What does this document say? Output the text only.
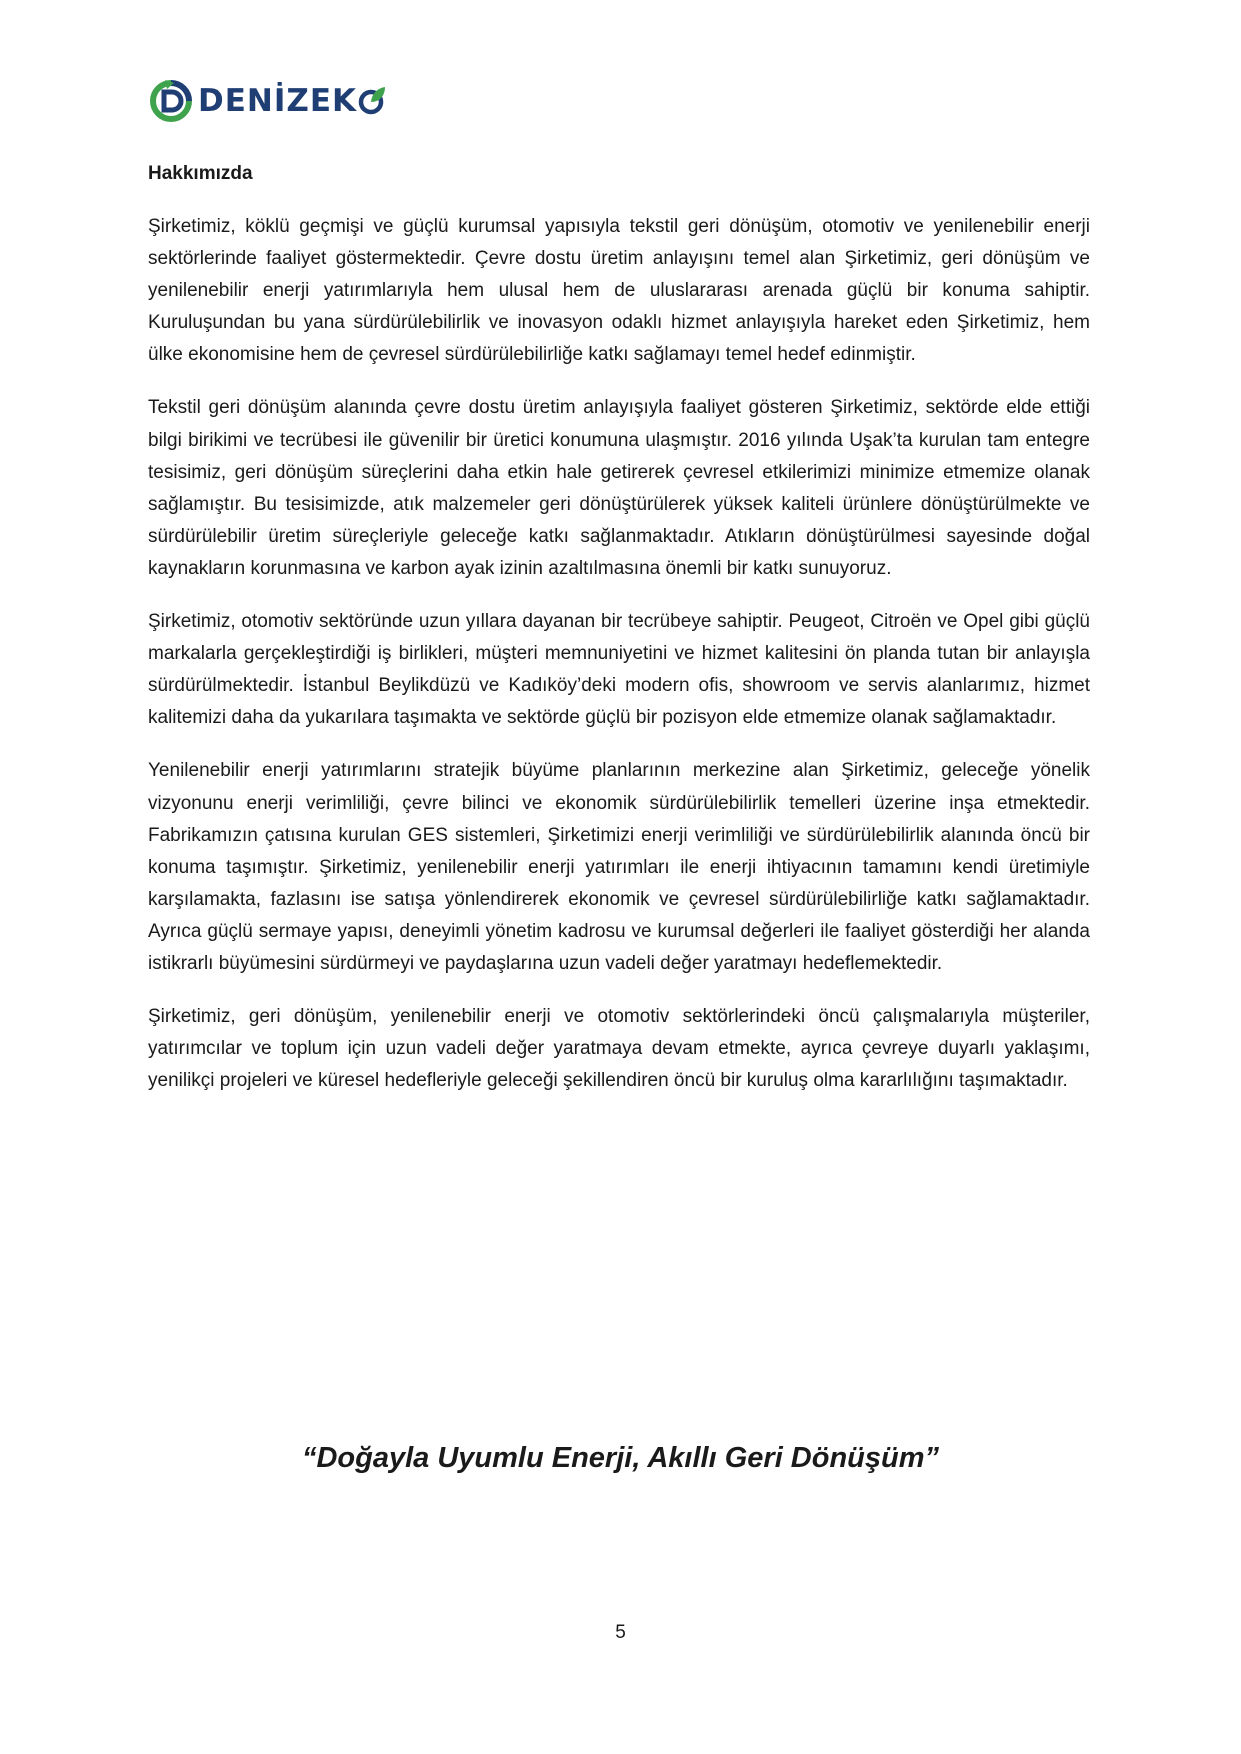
DENİZEK
Hakkımızda

Şirketimiz, köklü geçmişi ve güçlü kurumsal yapısıyla tekstil geri dönüşüm, otomotiv ve yenilenebilir enerji sektörlerinde faaliyet göstermektedir. Çevre dostu üretim anlayışını temel alan Şirketimiz, geri dönüşüm ve yenilenebilir enerji yatırımlarıyla hem ulusal hem de uluslararası arenada güçlü bir konuma sahiptir. Kuruluşundan bu yana sürdürülebilirlik ve inovasyon odaklı hizmet anlayışıyla hareket eden Şirketimiz, hem ülke ekonomisine hem de çevresel sürdürülebilirliğe katkı sağlamayı temel hedef edinmiştir.

Tekstil geri dönüşüm alanında çevre dostu üretim anlayışıyla faaliyet gösteren Şirketimiz, sektörde elde ettiği bilgi birikimi ve tecrübesi ile güvenilir bir üretici konumuna ulaşmıştır. 2016 yılında Uşak’ta kurulan tam entegre tesisimiz, geri dönüşüm süreçlerini daha etkin hale getirerek çevresel etkilerimizi minimize etmemize olanak sağlamıştır. Bu tesisimizde, atık malzemeler geri dönüştürülerek yüksek kaliteli ürünlere dönüştürülmekte ve sürdürülebilir üretim süreçleriyle geleceğe katkı sağlanmaktadır. Atıkların dönüştürülmesi sayesinde doğal kaynakların korunmasına ve karbon ayak izinin azaltılmasına önemli bir katkı sunuyoruz.

Şirketimiz, otomotiv sektöründe uzun yıllara dayanan bir tecrübeye sahiptir. Peugeot, Citroën ve Opel gibi güçlü markalarla gerçekleştirdiği iş birlikleri, müşteri memnuniyetini ve hizmet kalitesini ön planda tutan bir anlayışla sürdürülmektedir. İstanbul Beylikdüzü ve Kadıköy’deki modern ofis, showroom ve servis alanlarımız, hizmet kalitemizi daha da yukarılara taşımakta ve sektörde güçlü bir pozisyon elde etmemize olanak sağlamaktadır.

Yenilenebilir enerji yatırımlarını stratejik büyüme planlarının merkezine alan Şirketimiz, geleceğe yönelik vizyonunu enerji verimliliği, çevre bilinci ve ekonomik sürdürülebilirlik temelleri üzerine inşa etmektedir. Fabrikamızın çatısına kurulan GES sistemleri, Şirketimizi enerji verimliliği ve sürdürülebilirlik alanında öncü bir konuma taşımıştır. Şirketimiz, yenilenebilir enerji yatırımları ile enerji ihtiyacının tamamını kendi üretimiyle karşılamakta, fazlasını ise satışa yönlendirerek ekonomik ve çevresel sürdürülebilirliğe katkı sağlamaktadır. Ayrıca güçlü sermaye yapısı, deneyimli yönetim kadrosu ve kurumsal değerleri ile faaliyet gösterdiği her alanda istikrarlı büyümesini sürdürmeyi ve paydaşlarına uzun vadeli değer yaratmayı hedeflemektedir.

Şirketimiz, geri dönüşüm, yenilenebilir enerji ve otomotiv sektörlerindeki öncü çalışmalarıyla müşteriler, yatırımcılar ve toplum için uzun vadeli değer yaratmaya devam etmekte, ayrıca çevreye duyarlı yaklaşımı, yenilikçi projeleri ve küresel hedefleriyle geleceği şekillendiren öncü bir kuruluş olma kararlılığını taşımaktadır.

“Doğayla Uyumlu Enerji, Akıllı Geri Dönüşüm”
5
